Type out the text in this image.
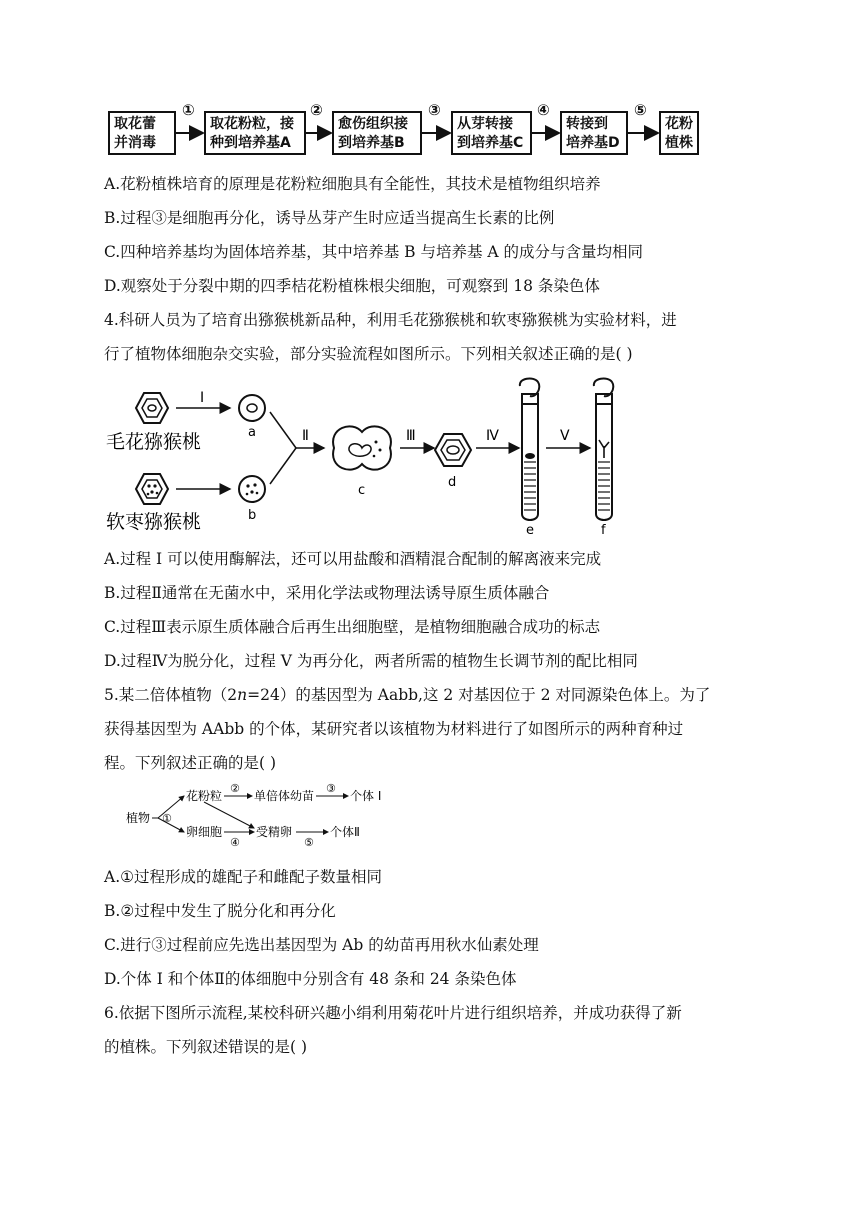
取花蕾
并消毒
①
取花粉粒，接
种到培养基A
②
愈伤组织接
到培养基B
③
从芽转接
到培养基C
④
转接到
培养基D
⑤
花粉
植株
A.花粉植株培育的原理是花粉粒细胞具有全能性，其技术是植物组织培养
B.过程③是细胞再分化，诱导丛芽产生时应适当提高生长素的比例
C.四种培养基均为固体培养基，其中培养基 B 与培养基 A 的成分与含量均相同
D.观察处于分裂中期的四季桔花粉植株根尖细胞，可观察到 18 条染色体
4.科研人员为了培育出猕猴桃新品种，利用毛花猕猴桃和软枣猕猴桃为实验材料，进
行了植物体细胞杂交实验，部分实验流程如图所示。下列相关叙述正确的是( )
I
a
毛花猕猴桃
b
软枣猕猴桃
Ⅱ
c
Ⅲ
d
Ⅳ
e
V
f
A.过程 I 可以使用酶解法，还可以用盐酸和酒精混合配制的解离液来完成
B.过程Ⅱ通常在无菌水中，采用化学法或物理法诱导原生质体融合
C.过程Ⅲ表示原生质体融合后再生出细胞壁，是植物细胞融合成功的标志
D.过程Ⅳ为脱分化，过程 V 为再分化，两者所需的植物生长调节剂的配比相同
5.某二倍体植物（2n=24）的基因型为 Aabb,这 2 对基因位于 2 对同源染色体上。为了
获得基因型为 AAbb 的个体，某研究者以该植物为材料进行了如图所示的两种育种过
程。下列叙述正确的是( )
植物 ①
花粉粒
②
单倍体幼苗
③
个体 I
卵细胞
④
受精卵
⑤
个体Ⅱ
A.①过程形成的雄配子和雌配子数量相同
B.②过程中发生了脱分化和再分化
C.进行③过程前应先选出基因型为 Ab 的幼苗再用秋水仙素处理
D.个体 I 和个体Ⅱ的体细胞中分别含有 48 条和 24 条染色体
6.依据下图所示流程,某校科研兴趣小绢利用菊花叶片进行组织培养，并成功获得了新
的植株。下列叙述错误的是( )
